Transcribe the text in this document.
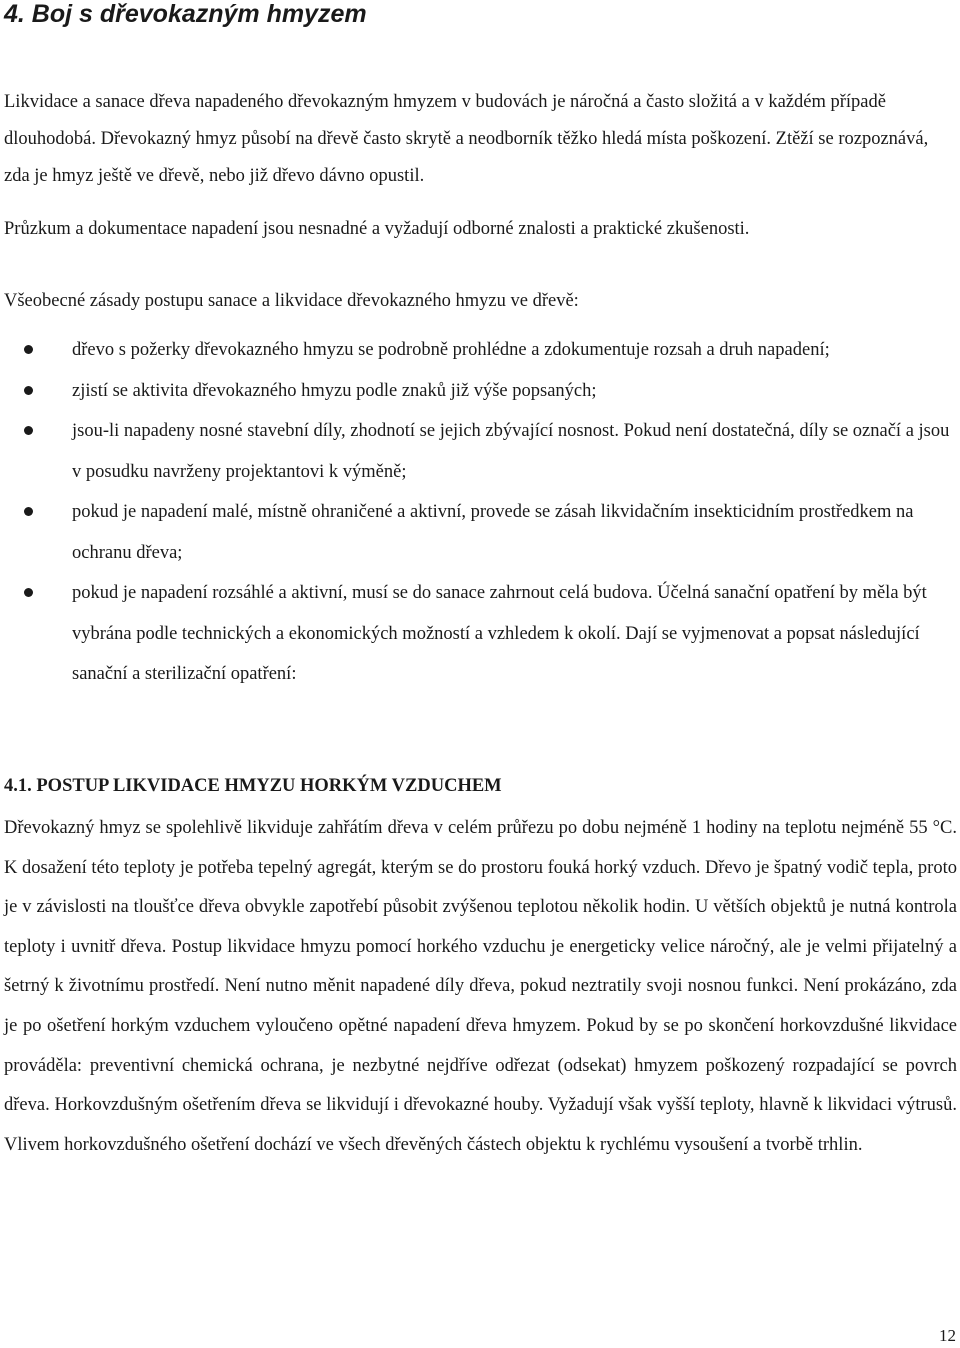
4. Boj s dřevokazným hmyzem

Likvidace a sanace dřeva napadeného dřevokazným hmyzem v budovách je náročná a často složitá a v každém případě dlouhodobá. Dřevokazný hmyz působí na dřevě často skrytě a neodborník těžko hledá místa poškození. Ztěží se rozpoznává, zda je hmyz ještě ve dřevě, nebo již dřevo dávno opustil.

Průzkum a dokumentace napadení jsou nesnadné a vyžadují odborné znalosti a praktické zkušenosti.

Všeobecné zásady postupu sanace a likvidace dřevokazného hmyzu ve dřevě:

dřevo s požerky dřevokazného hmyzu se podrobně prohlédne a zdokumentuje rozsah a druh napadení;
zjistí se aktivita dřevokazného hmyzu podle znaků již výše popsaných;
jsou-li napadeny nosné stavební díly, zhodnotí se jejich zbývající nosnost. Pokud není dostatečná, díly se označí a jsou v posudku navrženy projektantovi k výměně;
pokud je napadení malé, místně ohraničené a aktivní, provede se zásah likvidačním insekticidním prostředkem na ochranu dřeva;
pokud je napadení rozsáhlé a aktivní, musí se do sanace zahrnout celá budova. Účelná sanační opatření by měla být vybrána podle technických a ekonomických možností a vzhledem k okolí. Dají se vyjmenovat a popsat následující sanační a sterilizační opatření:
4.1. POSTUP LIKVIDACE HMYZU HORKÝM VZDUCHEM

Dřevokazný hmyz se spolehlivě likviduje zahřátím dřeva v celém průřezu po dobu nejméně 1 hodiny na teplotu nejméně 55 °C. K dosažení této teploty je potřeba tepelný agregát, kterým se do prostoru fouká horký vzduch. Dřevo je špatný vodič tepla, proto je v závislosti na tloušťce dřeva obvykle zapotřebí působit zvýšenou teplotou několik hodin. U větších objektů je nutná kontrola teploty i uvnitř dřeva. Postup likvidace hmyzu pomocí horkého vzduchu je energeticky velice náročný, ale je velmi přijatelný a šetrný k životnímu prostředí. Není nutno měnit napadené díly dřeva, pokud neztratily svoji nosnou funkci. Není prokázáno, zda je po ošetření horkým vzduchem vyloučeno opětné napadení dřeva hmyzem. Pokud by se po skončení horkovzdušné likvidace prováděla: preventivní chemická ochrana, je nezbytné nejdříve odřezat (odsekat) hmyzem poškozený rozpadající se povrch dřeva. Horkovzdušným ošetřením dřeva se likvidují i dřevokazné houby. Vyžadují však vyšší teploty, hlavně k likvidaci výtrusů. Vlivem horkovzdušného ošetření dochází ve všech dřevěných částech objektu k rychlému vysoušení a tvorbě trhlin.

12
